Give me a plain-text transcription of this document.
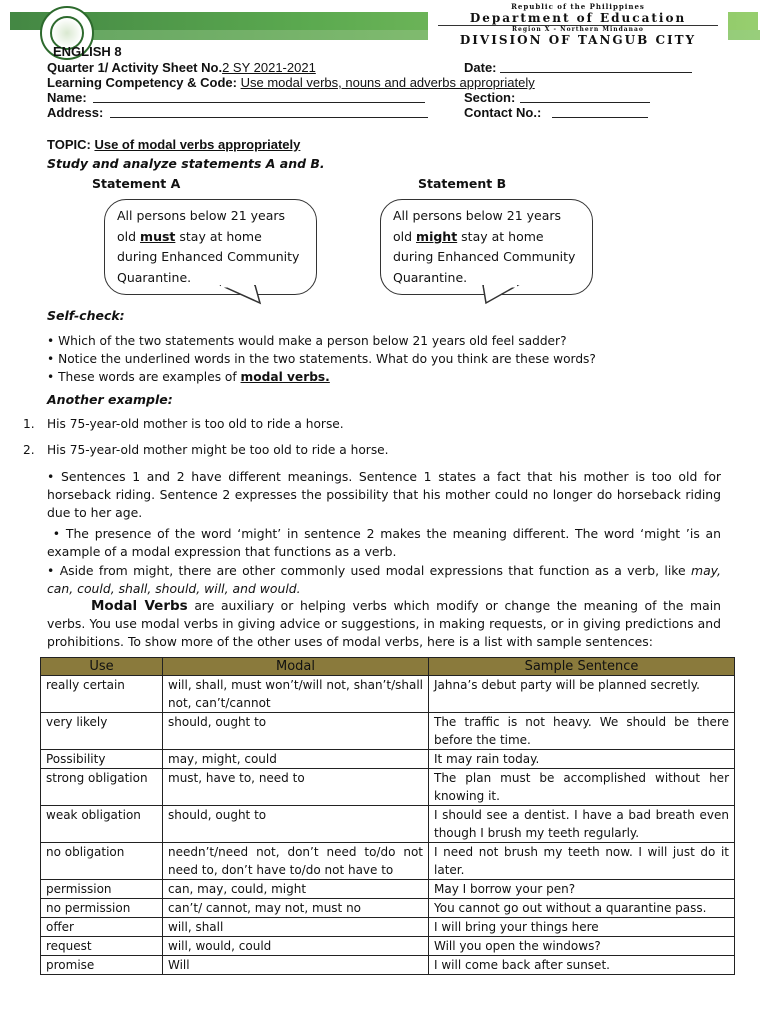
Republic of the Philippines
Department of Education
Region X - Northern Mindanao
DIVISION OF TANGUB CITY
ENGLISH 8
Quarter 1/ Activity Sheet No.2 SY 2021-2021	Date:
Learning Competency & Code: Use modal verbs, nouns and adverbs appropriately
Name:	Section:
Address:	Contact No.:
TOPIC: Use of modal verbs appropriately
Study and analyze statements A and B.
Statement A	Statement B
All persons below 21 years old must stay at home during Enhanced Community Quarantine.
All persons below 21 years old might stay at home during Enhanced Community Quarantine.
Self-check:
• Which of the two statements would make a person below 21 years old feel sadder?
• Notice the underlined words in the two statements. What do you think are these words?
• These words are examples of modal verbs.
Another example:
1. His 75-year-old mother is too old to ride a horse.
2. His 75-year-old mother might be too old to ride a horse.
• Sentences 1 and 2 have different meanings. Sentence 1 states a fact that his mother is too old for horseback riding. Sentence 2 expresses the possibility that his mother could no longer do horseback riding due to her age.
• The presence of the word ‘might’ in sentence 2 makes the meaning different. The word ‘might ’is an example of a modal expression that functions as a verb.
• Aside from might, there are other commonly used modal expressions that function as a verb, like may, can, could, shall, should, will, and would.
Modal Verbs are auxiliary or helping verbs which modify or change the meaning of the main verbs. You use modal verbs in giving advice or suggestions, in making requests, or in giving predictions and prohibitions. To show more of the other uses of modal verbs, here is a list with sample sentences:
Use	Modal	Sample Sentence
really certain	will, shall, must won’t/will not, shan’t/shall not, can’t/cannot	Jahna’s debut party will be planned secretly.
very likely	should, ought to	The traffic is not heavy. We should be there before the time.
Possibility	may, might, could	It may rain today.
strong obligation	must, have to, need to	The plan must be accomplished without her knowing it.
weak obligation	should, ought to	I should see a dentist. I have a bad breath even though I brush my teeth regularly.
no obligation	needn’t/need not, don’t need to/do not need to, don’t have to/do not have to	I need not brush my teeth now. I will just do it later.
permission	can, may, could, might	May I borrow your pen?
no permission	can’t/ cannot, may not, must no	You cannot go out without a quarantine pass.
offer	will, shall	I will bring your things here
request	will, would, could	Will you open the windows?
promise	Will	I will come back after sunset.
